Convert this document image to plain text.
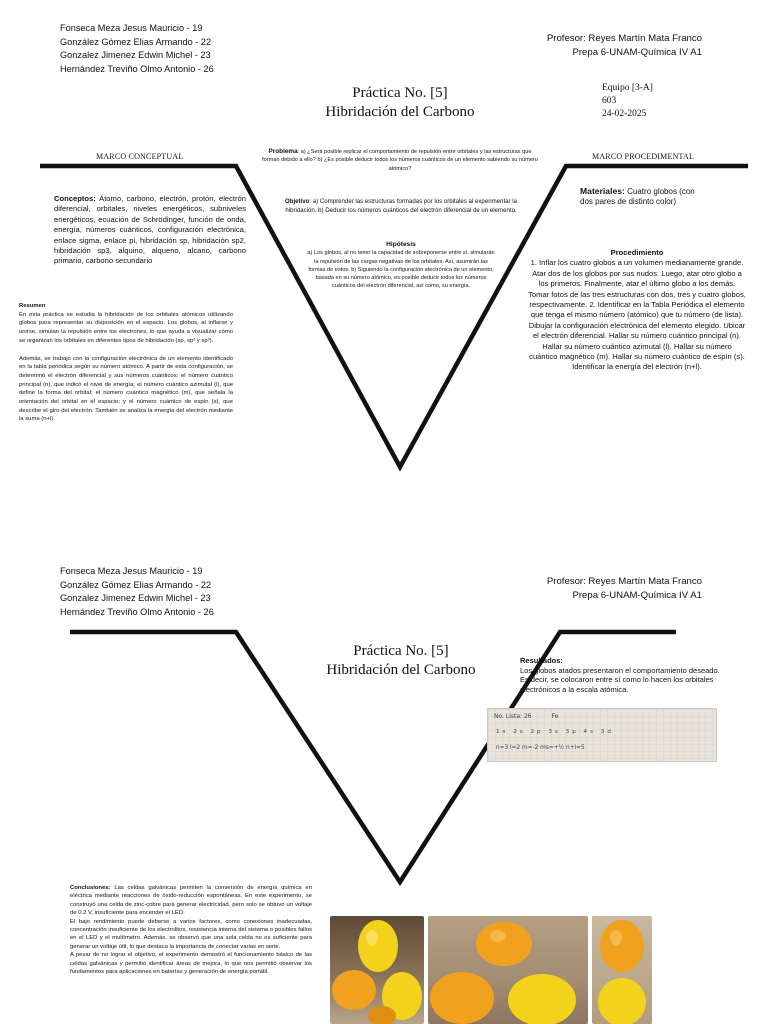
Fonseca Meza Jesus Mauricio - 19
González Gómez Elias Armando - 22
Gonzalez Jimenez Edwin Michel - 23
Hernández Treviño Olmo Antonio - 26
Profesor: Reyes Martín Mata Franco
Prepa 6-UNAM-Química IV A1
Práctica No. [5]
Hibridación del Carbono
Equipo [3-A]
603
24-02-2025
MARCO CONCEPTUAL	MARCO PROCEDIMENTAL
Problema: a) ¿Será posible replicar el comportamiento de repulsión entre orbitales y las estructuras que forman debido a ello? b) ¿Es posible deducir todos los números cuánticos de un elemento sabiendo su número atómico?
Objetivo: a) Comprender las estructuras formadas por los orbitales al experimentar la hibridación. b) Deducir los números cuánticos del electrón diferencial de un elemento.
Hipótesis
a) Los globos, al no tener la capacidad de sobreponerse entre sí, simularán la repulsión de las cargas negativas de los orbitales. Así, asumirán las formas de estos. b) Siguiendo la configuración electrónica de un elemento, basada en su número atómico, es posible deducir todos los números cuánticos del electrón diferencial, así como, su energía.
Conceptos: Átomo, carbono, electrón, protón, electrón diferencial, orbitales, niveles energéticos, subniveles energéticos, ecuación de Schrödinger, función de onda, energía, números cuánticos, configuración electrónica, enlace sigma, enlace pi, hibridación sp, hibridación sp2, hibridación sp3, alquino, alqueno, alcano, carbono primario, carbono secundario
Resumen
En esta práctica se estudia la hibridación de los orbitales atómicos utilizando globos para representar su disposición en el espacio. Los globos, al inflarse y unirse, simulan la repulsión entre los electrones, lo que ayuda a visualizar cómo se organizan los orbitales en diferentes tipos de hibridación (sp, sp² y sp³).
Además, se trabajo con la configuración electrónica de un elemento identificado en la tabla periódica según su número atómico. A partir de esta configuración, se determinó el electrón diferencial y sus números cuánticos: el número cuántico principal (n), que indicó el nivel de energía; el número cuántico azimutal (l), que define la forma del orbital; el número cuántico magnético (m), que señala la orientación del orbital en el espacio; y el número cuántico de espín (s), que describe el giro del electrón. También se analiza la energía del electrón mediante la suma (n+l).
Materiales: Cuatro globos (con dos pares de distinto color)
Procedimiento
1. Inflar los cuatro globos a un volumen medianamente grande. Atar dos de los globos por sus nudos. Luego, atar otro globo a los primeros. Finalmente, atar el último globo a los demás. Tomar fotos de las tres estructuras con dos, tres y cuatro globos, respectivamente. 2. Identificar en la Tabla Periódica el elemento que tenga el mismo número (atómico) que tu número (de lista). Dibujar la configuración electrónica del elemento elegido. Ubicar el electrón diferencial. Hallar su número cuántico principal (n). Hallar su número cuántico azimutal (l). Hallar su número cuántico magnético (m). Hallar su número cuántico de espín (s). Identificar la energía del electrón (n+l).
Fonseca Meza Jesus Mauricio - 19
González Gómez Elias Armando - 22
Gonzalez Jimenez Edwin Michel - 23
Hernández Treviño Olmo Antonio - 26
Profesor: Reyes Martín Mata Franco
Prepa 6-UNAM-Química IV A1
Práctica No. [5]
Hibridación del Carbono
Resultados:
Los globos atados presentaron el comportamiento deseado. Es decir, se colocaron entre sí como lo hacen los orbitales electrónicos a la escala atómica.
No. Lista: 26	Fe
1s 2s 2p 3s 3p 4s 3d
n=3 l=2 m=-2 ms=+½ n+l=5
Conclusiones: Las celdas galvánicas permiten la conversión de energía química en eléctrica mediante reacciones de óxido-reducción espontáneas. En este experimento, se construyó una celda de zinc-cobre para generar electricidad, pero solo se obtuvo un voltaje de 0.2 V, insuficiente para encender el LED.
El bajo rendimiento puede deberse a varios factores, como conexiones inadecuadas, concentración insuficiente de los electrolitos, resistencia interna del sistema o posibles fallos en el LED y el multímetro. Además, se observó que una sola celda no es suficiente para generar un voltaje útil, lo que destaca la importancia de conectar varias en serie.
A pesar de no lograr el objetivo, el experimento demostró el funcionamiento básico de las celdas galvánicas y permitió identificar áreas de mejora, lo que nos permitió observar los fundamentos para aplicaciones en baterías y generación de energía portátil.
